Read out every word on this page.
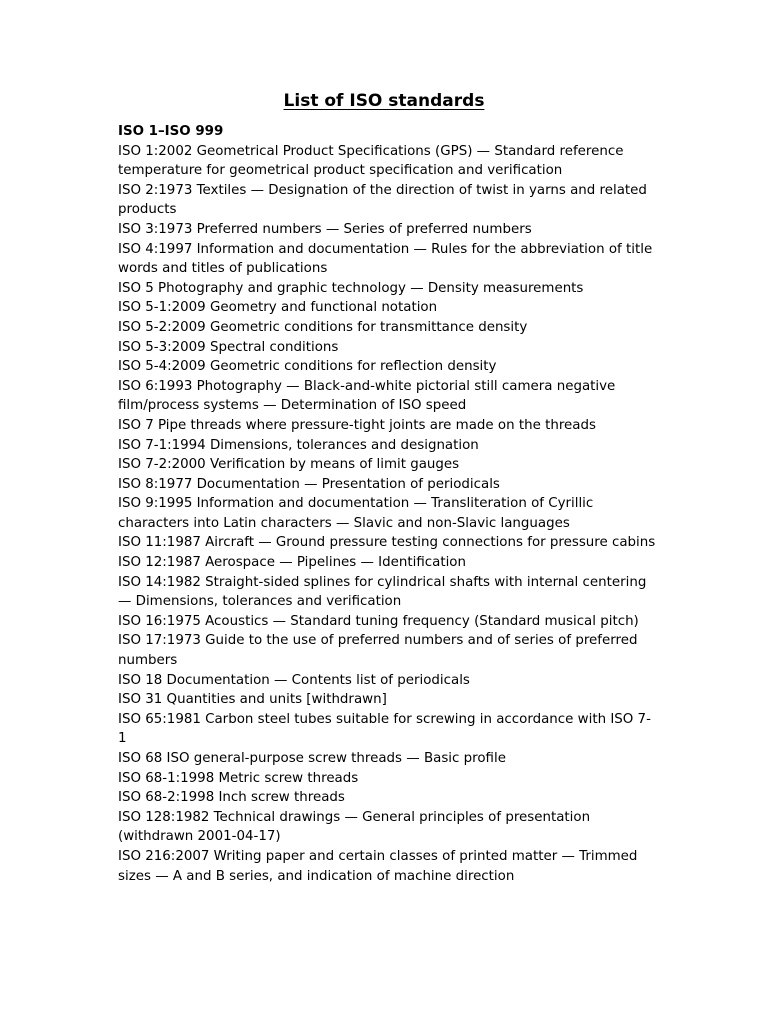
List of ISO standards
ISO 1–ISO 999

ISO 1:2002 Geometrical Product Specifications (GPS) — Standard reference temperature for geometrical product specification and verification

ISO 2:1973 Textiles — Designation of the direction of twist in yarns and related products

ISO 3:1973 Preferred numbers — Series of preferred numbers

ISO 4:1997 Information and documentation — Rules for the abbreviation of title words and titles of publications

ISO 5 Photography and graphic technology — Density measurements

ISO 5-1:2009 Geometry and functional notation

ISO 5-2:2009 Geometric conditions for transmittance density

ISO 5-3:2009 Spectral conditions

ISO 5-4:2009 Geometric conditions for reflection density

ISO 6:1993 Photography — Black-and-white pictorial still camera negative film/process systems — Determination of ISO speed

ISO 7 Pipe threads where pressure-tight joints are made on the threads

ISO 7-1:1994 Dimensions, tolerances and designation

ISO 7-2:2000 Verification by means of limit gauges

ISO 8:1977 Documentation — Presentation of periodicals

ISO 9:1995 Information and documentation — Transliteration of Cyrillic characters into Latin characters — Slavic and non-Slavic languages

ISO 11:1987 Aircraft — Ground pressure testing connections for pressure cabins

ISO 12:1987 Aerospace — Pipelines — Identification

ISO 14:1982 Straight-sided splines for cylindrical shafts with internal centering — Dimensions, tolerances and verification

ISO 16:1975 Acoustics — Standard tuning frequency (Standard musical pitch)

ISO 17:1973 Guide to the use of preferred numbers and of series of preferred numbers

ISO 18 Documentation — Contents list of periodicals

ISO 31 Quantities and units [withdrawn]

ISO 65:1981 Carbon steel tubes suitable for screwing in accordance with ISO 7-1

ISO 68 ISO general-purpose screw threads — Basic profile

ISO 68-1:1998 Metric screw threads

ISO 68-2:1998 Inch screw threads

ISO 128:1982 Technical drawings — General principles of presentation (withdrawn 2001-04-17)

ISO 216:2007 Writing paper and certain classes of printed matter — Trimmed sizes — A and B series, and indication of machine direction
